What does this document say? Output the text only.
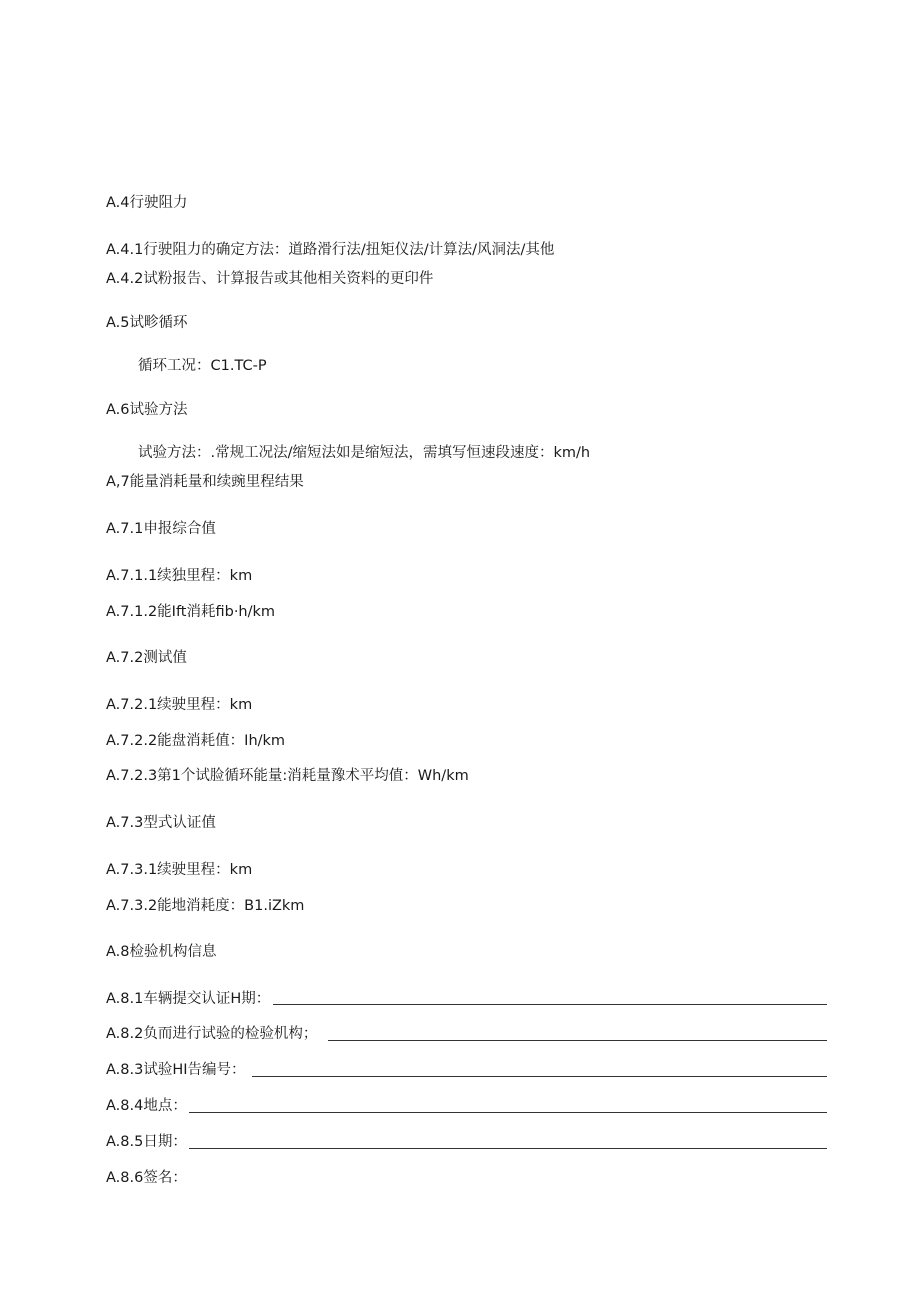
A.4行驶阻力
A.4.1行驶阻力的确定方法：道路滑行法/扭矩仪法/计算法/风洞法/其他
A.4.2试粉报告、计算报告或其他相关资料的更印件
A.5试畛循环
循环工况：C1.TC-P
A.6试验方法
试验方法：.常规工况法/缩短法如是缩短法，需填写恒速段速度：km/h
A,7能量消耗量和续豌里程结果
A.7.1申报综合值
A.7.1.1续独里程：km
A.7.1.2能Ift消耗fib·h/km
A.7.2测试值
A.7.2.1续驶里程：km
A.7.2.2能盘消耗值：Ih/km
A.7.2.3第1个试脸循环能量:消耗量豫术平均值：Wh/km
A.7.3型式认证值
A.7.3.1续驶里程：km
A.7.3.2能地消耗度：B1.iZkm
A.8检验机构信息
A.8.1车辆提交认证H期：
A.8.2负而进行试验的检验机构；
A.8.3试验HI告编号：
A.8.4地点：
A.8.5日期：
A.8.6签名：
